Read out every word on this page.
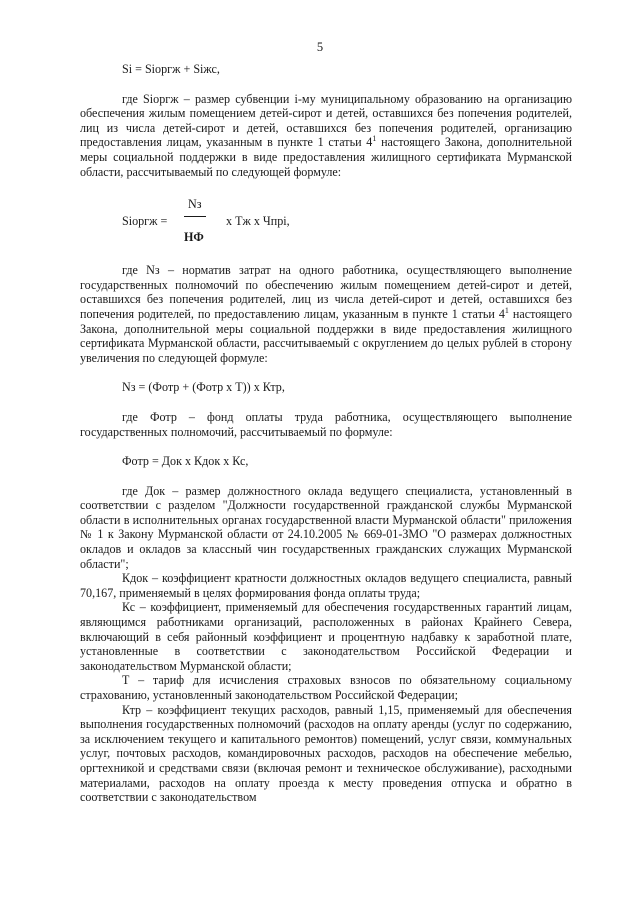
5
Si = Siоргж + Siжс,

где Siоргж – размер субвенции i-му муниципальному образованию на организацию обеспечения жилым помещением детей-сирот и детей, оставшихся без попечения родителей, лиц из числа детей-сирот и детей, оставшихся без попечения родителей, организацию предоставления лицам, указанным в пункте 1 статьи $4^1$ настоящего Закона, дополнительной меры социальной поддержки в виде предоставления жилищного сертификата Мурманской области, рассчитываемый по следующей формуле:

Siоргж =
Nз
НФ
x Тж x Чпрi,

где Nз – норматив затрат на одного работника, осуществляющего выполнение государственных полномочий по обеспечению жилым помещением детей-сирот и детей, оставшихся без попечения родителей, лиц из числа детей-сирот и детей, оставшихся без попечения родителей, по предоставлению лицам, указанным в пункте 1 статьи $4^1$ настоящего Закона, дополнительной меры социальной поддержки в виде предоставления жилищного сертификата Мурманской области, рассчитываемый с округлением до целых рублей в сторону увеличения по следующей формуле:

Nз = (Фотр + (Фотр x Т)) x Ктр,

где Фотр – фонд оплаты труда работника, осуществляющего выполнение государственных полномочий, рассчитываемый по формуле:

Фотр = Док x Кдок x Кс,

где Док – размер должностного оклада ведущего специалиста, установленный в соответствии с разделом "Должности государственной гражданской службы Мурманской области в исполнительных органах государственной власти Мурманской области" приложения № 1 к Закону Мурманской области от 24.10.2005 № 669-01-ЗМО "О размерах должностных окладов и окладов за классный чин государственных гражданских служащих Мурманской области";

Кдок – коэффициент кратности должностных окладов ведущего специалиста, равный 70,167, применяемый в целях формирования фонда оплаты труда;

Кс – коэффициент, применяемый для обеспечения государственных гарантий лицам, являющимся работниками организаций, расположенных в районах Крайнего Севера, включающий в себя районный коэффициент и процентную надбавку к заработной плате, установленные в соответствии с законодательством Российской Федерации и законодательством Мурманской области;

Т – тариф для исчисления страховых взносов по обязательному социальному страхованию, установленный законодательством Российской Федерации;

Ктр – коэффициент текущих расходов, равный 1,15, применяемый для обеспечения выполнения государственных полномочий (расходов на оплату аренды (услуг по содержанию, за исключением текущего и капитального ремонтов) помещений, услуг связи, коммунальных услуг, почтовых расходов, командировочных расходов, расходов на обеспечение мебелью, оргтехникой и средствами связи (включая ремонт и техническое обслуживание), расходными материалами, расходов на оплату проезда к месту проведения отпуска и обратно в соответствии с законодательством
